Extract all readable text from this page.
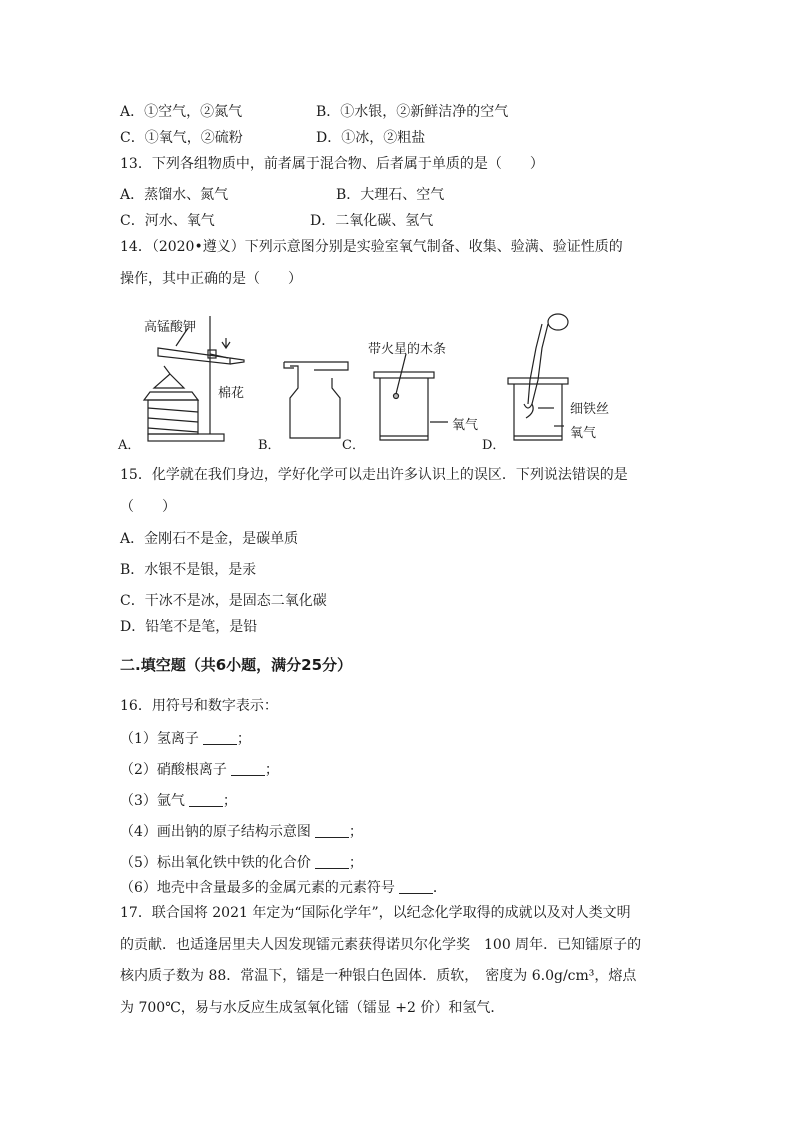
A．①空气，②氮气	B．①水银，②新鲜洁净的空气
C．①氧气，②硫粉	D．①冰，②粗盐
13．下列各组物质中，前者属于混合物、后者属于单质的是（　　）
A．蒸馏水、氮气	B．大理石、空气
C．河水、氧气	D．二氧化碳、氢气
14．（2020•遵义）下列示意图分别是实验室氧气制备、收集、验满、验证性质的
操作，其中正确的是（　　）
A．	B．	C．	D．
高锰酸钾
棉花
带火星的木条
氧气
细铁丝
氧气
15．化学就在我们身边，学好化学可以走出许多认识上的误区．下列说法错误的是
（　　）
A．金刚石不是金，是碳单质
B．水银不是银，是汞
C．干冰不是冰，是固态二氧化碳
D．铅笔不是笔，是铅
二.填空题（共6小题，满分25分）
16．用符号和数字表示：
（1）氢离子	；
（2）硝酸根离子	；
（3）氩气	；
（4）画出钠的原子结构示意图	；
（5）标出氧化铁中铁的化合价	；
（6）地壳中含量最多的金属元素的元素符号	．
17．联合国将 2021 年定为“国际化学年”，以纪念化学取得的成就以及对人类文明
的贡献．也适逢居里夫人因发现镭元素获得诺贝尔化学奖　100 周年．已知镭原子的
核内质子数为 88．常温下，镭是一种银白色固体．质软，　密度为 6.0g/cm³，熔点
为 700℃，易与水反应生成氢氧化镭（镭显 +2 价）和氢气．
